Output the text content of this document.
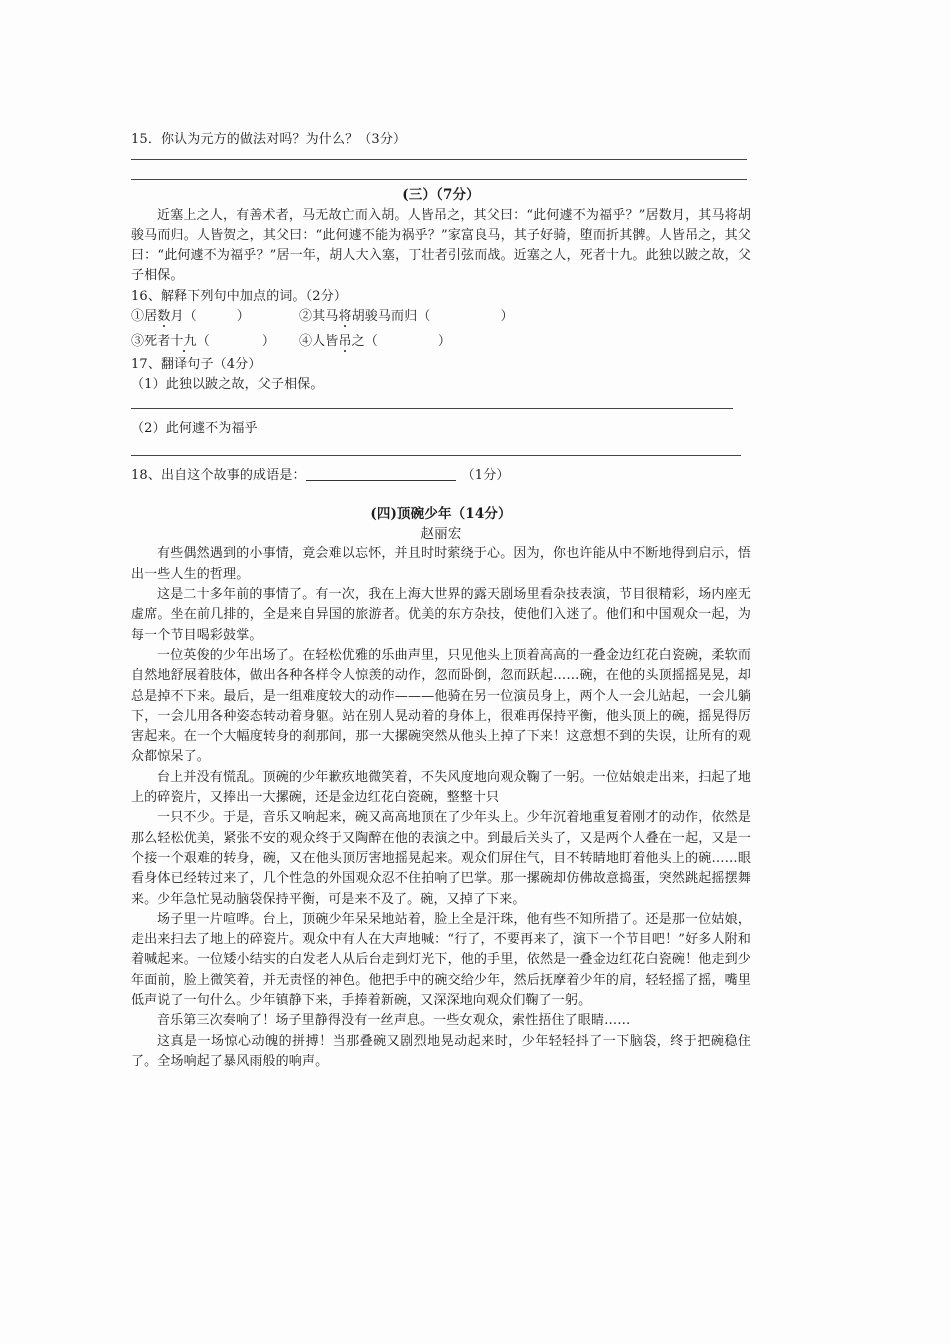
15．你认为元方的做法对吗？为什么？（3分）
(三）（7分）
近塞上之人，有善术者，马无故亡而入胡。人皆吊之，其父曰：“此何遽不为福乎？”居数月，其马将胡骏马而归。人皆贺之，其父曰：“此何遽不能为祸乎？”家富良马，其子好骑，堕而折其髀。人皆吊之，其父曰：“此何遽不为福乎？”居一年，胡人大入塞，丁壮者引弦而战。近塞之人，死者十九。此独以跛之故，父子相保。
16、解释下列句中加点的词。（2分）
①居数月（	）	②其马将胡骏马而归（	）
③死者十九（	）	④人皆吊之（	）
17、翻译句子（4分）
（1）此独以跛之故，父子相保。
（2）此何遽不为福乎
18、出自这个故事的成语是：	（1分）
(四)顶碗少年（14分）
赵丽宏
有些偶然遇到的小事情，竟会难以忘怀，并且时时萦绕于心。因为，你也许能从中不断地得到启示，悟出一些人生的哲理。
这是二十多年前的事情了。有一次，我在上海大世界的露天剧场里看杂技表演，节目很精彩，场内座无虚席。坐在前几排的，全是来自异国的旅游者。优美的东方杂技，使他们入迷了。他们和中国观众一起，为每一个节目喝彩鼓掌。
一位英俊的少年出场了。在轻松优雅的乐曲声里，只见他头上顶着高高的一叠金边红花白瓷碗，柔软而自然地舒展着肢体，做出各种各样令人惊羡的动作，忽而卧倒，忽而跃起……碗，在他的头顶摇摇晃晃，却总是掉不下来。最后，是一组难度较大的动作———他骑在另一位演员身上，两个人一会儿站起，一会儿躺下，一会儿用各种姿态转动着身躯。站在别人晃动着的身体上，很难再保持平衡，他头顶上的碗，摇晃得厉害起来。在一个大幅度转身的刹那间，那一大摞碗突然从他头上掉了下来！这意想不到的失误，让所有的观众都惊呆了。
台上并没有慌乱。顶碗的少年歉疚地微笑着，不失风度地向观众鞠了一躬。一位姑娘走出来，扫起了地上的碎瓷片，又捧出一大摞碗，还是金边红花白瓷碗，整整十只
一只不少。于是，音乐又响起来，碗又高高地顶在了少年头上。少年沉着地重复着刚才的动作，依然是那么轻松优美，紧张不安的观众终于又陶醉在他的表演之中。到最后关头了，又是两个人叠在一起，又是一个接一个艰难的转身，碗，又在他头顶厉害地摇晃起来。观众们屏住气，目不转睛地盯着他头上的碗……眼看身体已经转过来了，几个性急的外国观众忍不住拍响了巴掌。那一摞碗却仿佛故意捣蛋，突然跳起摇摆舞来。少年急忙晃动脑袋保持平衡，可是来不及了。碗，又掉了下来。
场子里一片喧哗。台上，顶碗少年呆呆地站着，脸上全是汗珠，他有些不知所措了。还是那一位姑娘，走出来扫去了地上的碎瓷片。观众中有人在大声地喊：“行了，不要再来了，演下一个节目吧！”好多人附和着喊起来。一位矮小结实的白发老人从后台走到灯光下，他的手里，依然是一叠金边红花白瓷碗！他走到少年面前，脸上微笑着，并无责怪的神色。他把手中的碗交给少年，然后抚摩着少年的肩，轻轻摇了摇，嘴里低声说了一句什么。少年镇静下来，手捧着新碗，又深深地向观众们鞠了一躬。
音乐第三次奏响了！场子里静得没有一丝声息。一些女观众，索性捂住了眼睛……
这真是一场惊心动魄的拼搏！当那叠碗又剧烈地晃动起来时，少年轻轻抖了一下脑袋，终于把碗稳住了。全场响起了暴风雨般的响声。
